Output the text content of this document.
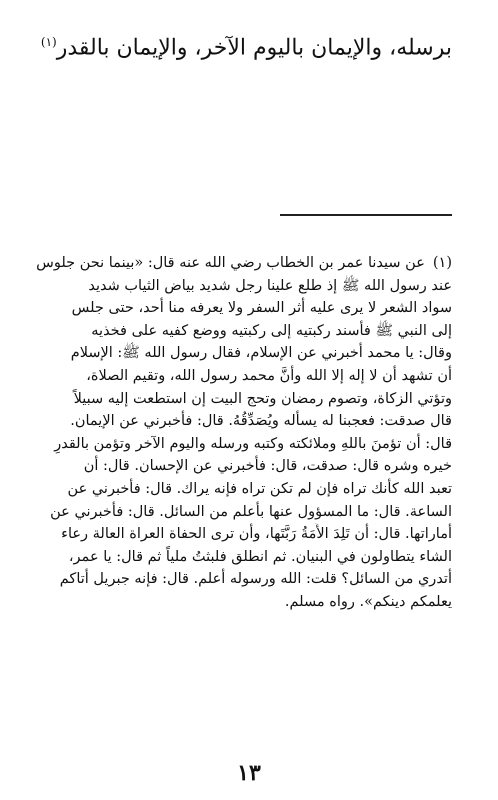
برسله، والإيمان باليوم الآخر، والإيمان بالقدر$^{(١)}$
(١)عن سيدنا عمر بن الخطاب رضي الله عنه قال: «بينما نحن جلوس
عند رسول الله ﷺ إذ طلع علينا رجل شديد بياض الثياب شديد
سواد الشعر لا يرى عليه أثر السفر ولا يعرفه منا أحد، حتى جلس
إلى النبي ﷺ فأسند ركبتيه إلى ركبتيه ووضع كفيه على فخذيه
وقال: يا محمد أخبرني عن الإسلام، فقال رسول الله ﷺ: الإسلام
أن تشهد أن لا إله إلا الله وأنَّ محمد رسول الله، وتقيم الصلاة،
وتؤتي الزكاة، وتصوم رمضان وتحج البيت إن استطعت إليه سبيلاً
قال صدقت: فعجبنا له يسأله ويُصَدِّقُهُ. قال: فأخبرني عن الإيمان.
قال: أن تؤمنَ باللهِ وملائكته وكتبه ورسله واليوم الآخر وتؤمن بالقدرِ
خيره وشره قال: صدقت، قال: فأخبرني عن الإحسان. قال: أن
تعبد الله كأنك تراه فإن لم تكن تراه فإنه يراك. قال: فأخبرني عن
الساعة. قال: ما المسؤول عنها بأعلم من السائل. قال: فأخبرني عن
أماراتها. قال: أن تَلِدَ الأَمَةُ رَبَّتَها، وأن ترى الحفاة العراة العالة رعاء
الشاء يتطاولون في البنيان. ثم انطلق فلبثتُ ملياً ثم قال: يا عمر،
أتدري من السائل؟ قلت: الله ورسوله أعلم. قال: فإنه جبريل أتاكم
يعلمكم دينكم». رواه مسلم.
١٣
